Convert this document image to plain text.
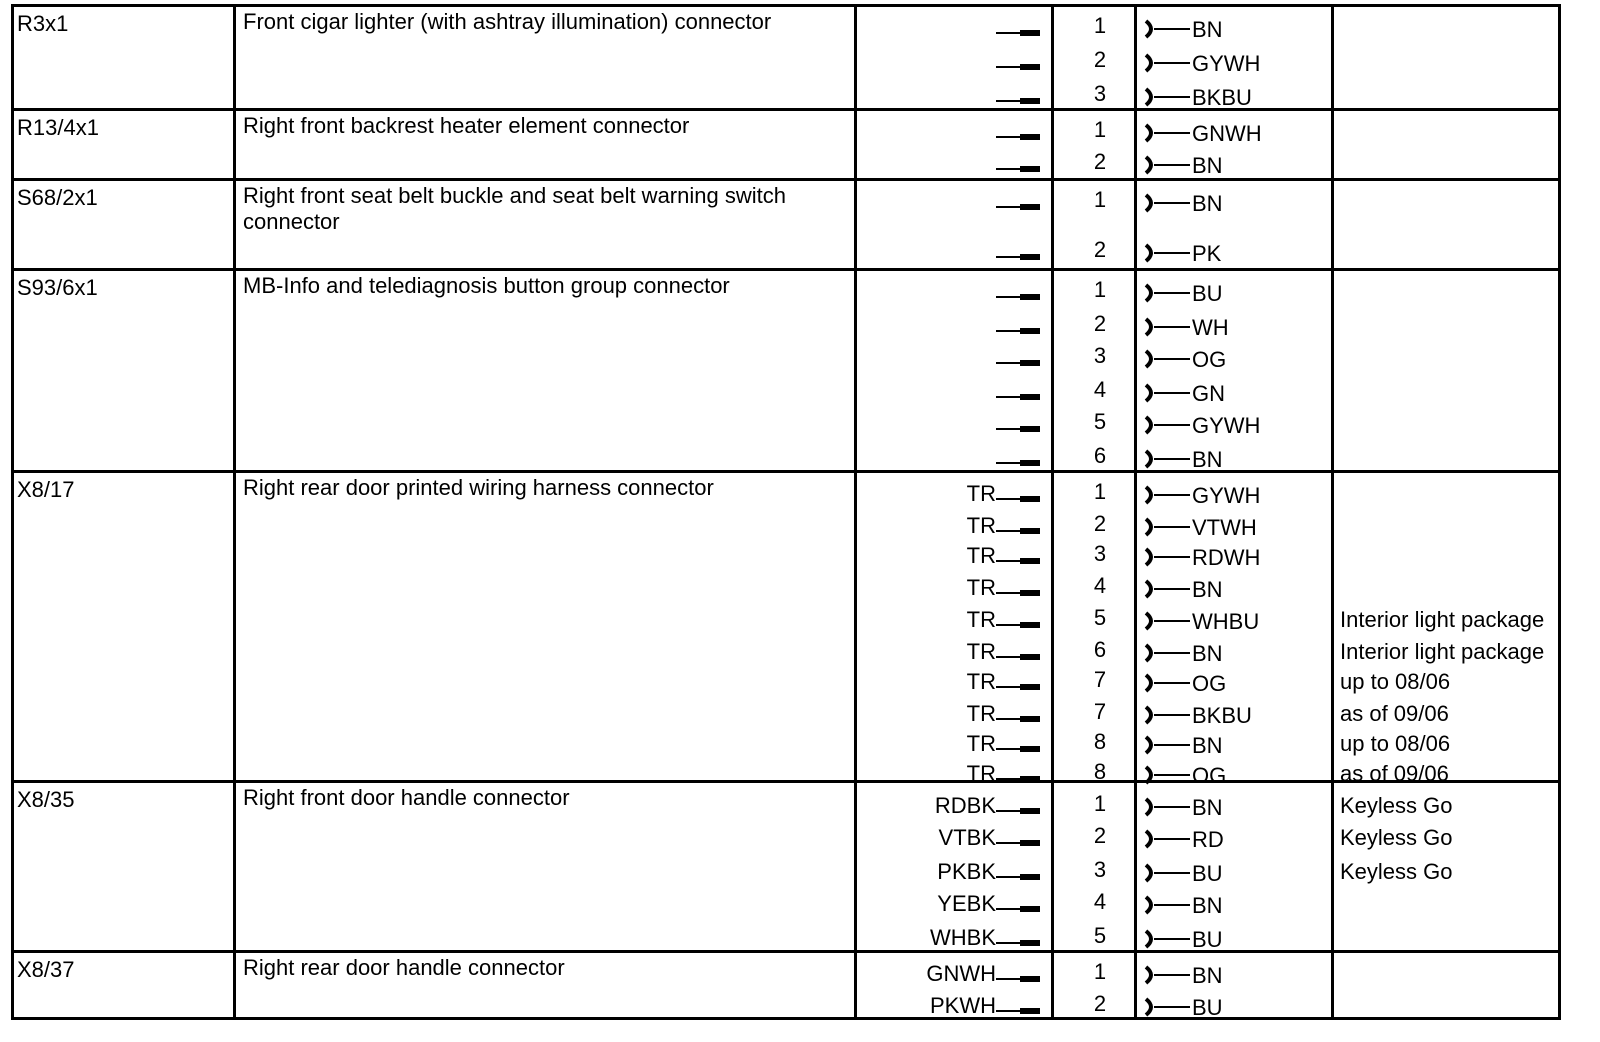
R3x1	Front cigar lighter (with ashtray illumination) connector	1	BN
2	GYWH
3	BKBU
R13/4x1	Right front backrest heater element connector	1	GNWH
2	BN
S68/2x1	Right front seat belt buckle and seat belt warning switch connector
1	BN
2	PK
S93/6x1	MB-Info and telediagnosis button group connector	1	BU
2	WH
3	OG
4	GN
5	GYWH
6	BN
X8/17	Right rear door printed wiring harness connector	TR	1	GYWH
TR	2	VTWH
TR	3	RDWH
TR	4	BN
TR	5	WHBU	Interior light package
TR	6	BN	Interior light package
TR	7	OG	up to 08/06
TR	7	BKBU	as of 09/06
TR	8	BN	up to 08/06
TR	8	OG	as of 09/06
X8/35	Right front door handle connector	RDBK	1	BN	Keyless Go
VTBK	2	RD	Keyless Go
PKBK	3	BU	Keyless Go
YEBK	4	BN
WHBK	5	BU
X8/37	Right rear door handle connector	GNWH	1	BN
PKWH	2	BU
